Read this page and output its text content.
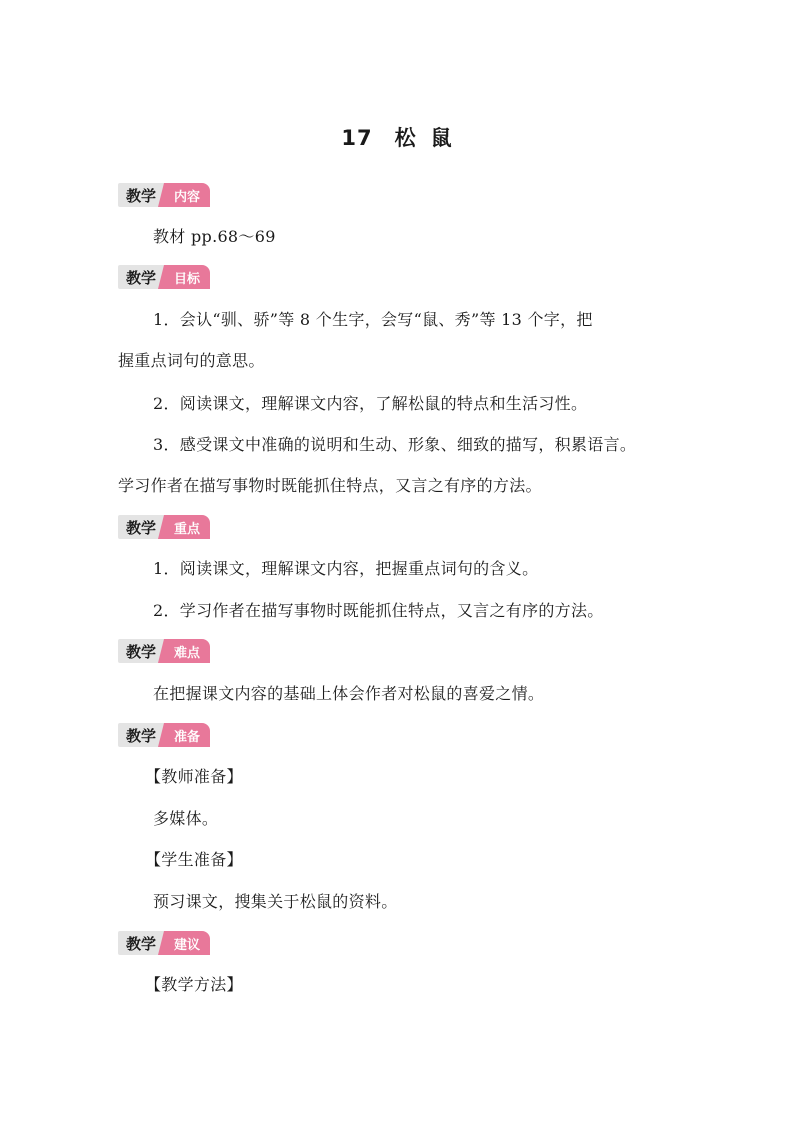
17 松 鼠
教学	内容
教材 pp.68～69
教学	目标
1．会认“驯、骄”等 8 个生字，会写“鼠、秀”等 13 个字，把
握重点词句的意思。
2．阅读课文，理解课文内容，了解松鼠的特点和生活习性。
3．感受课文中准确的说明和生动、形象、细致的描写，积累语言。
学习作者在描写事物时既能抓住特点，又言之有序的方法。
教学	重点
1．阅读课文，理解课文内容，把握重点词句的含义。
2．学习作者在描写事物时既能抓住特点，又言之有序的方法。
教学	难点
在把握课文内容的基础上体会作者对松鼠的喜爱之情。
教学	准备
【教师准备】
多媒体。
【学生准备】
预习课文，搜集关于松鼠的资料。
教学	建议
【教学方法】
